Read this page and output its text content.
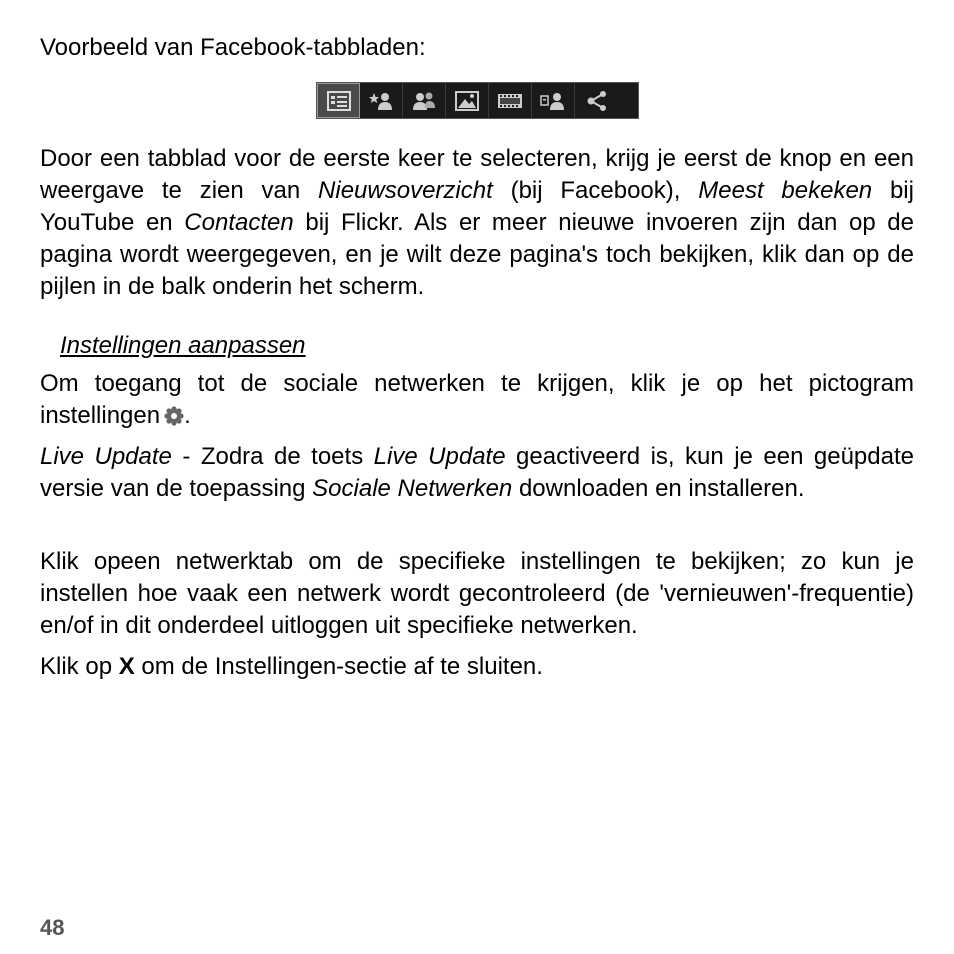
Voorbeeld van Facebook-tabbladen:

Door een tabblad voor de eerste keer te selecteren, krijg je eerst de knop en een weergave te zien van Nieuwsoverzicht (bij Facebook), Meest bekeken bij YouTube en Contacten bij Flickr. Als er meer nieuwe invoeren zijn dan op de pagina wordt weergegeven, en je wilt deze pagina's toch bekijken, klik dan op de pijlen in de balk onderin het scherm.

Instellingen aanpassen

Om toegang tot de sociale netwerken te krijgen, klik je op het pictogram instellingen .

Live Update - Zodra de toets Live Update geactiveerd is, kun je een geüpdate versie van de toepassing Sociale Netwerken downloaden en installeren.

Klik opeen netwerktab om de specifieke instellingen te bekijken; zo kun je instellen hoe vaak een netwerk wordt gecontroleerd (de 'vernieuwen'-frequentie) en/of in dit onderdeel uitloggen uit specifieke netwerken.

Klik op X om de Instellingen-sectie af te sluiten.

48
